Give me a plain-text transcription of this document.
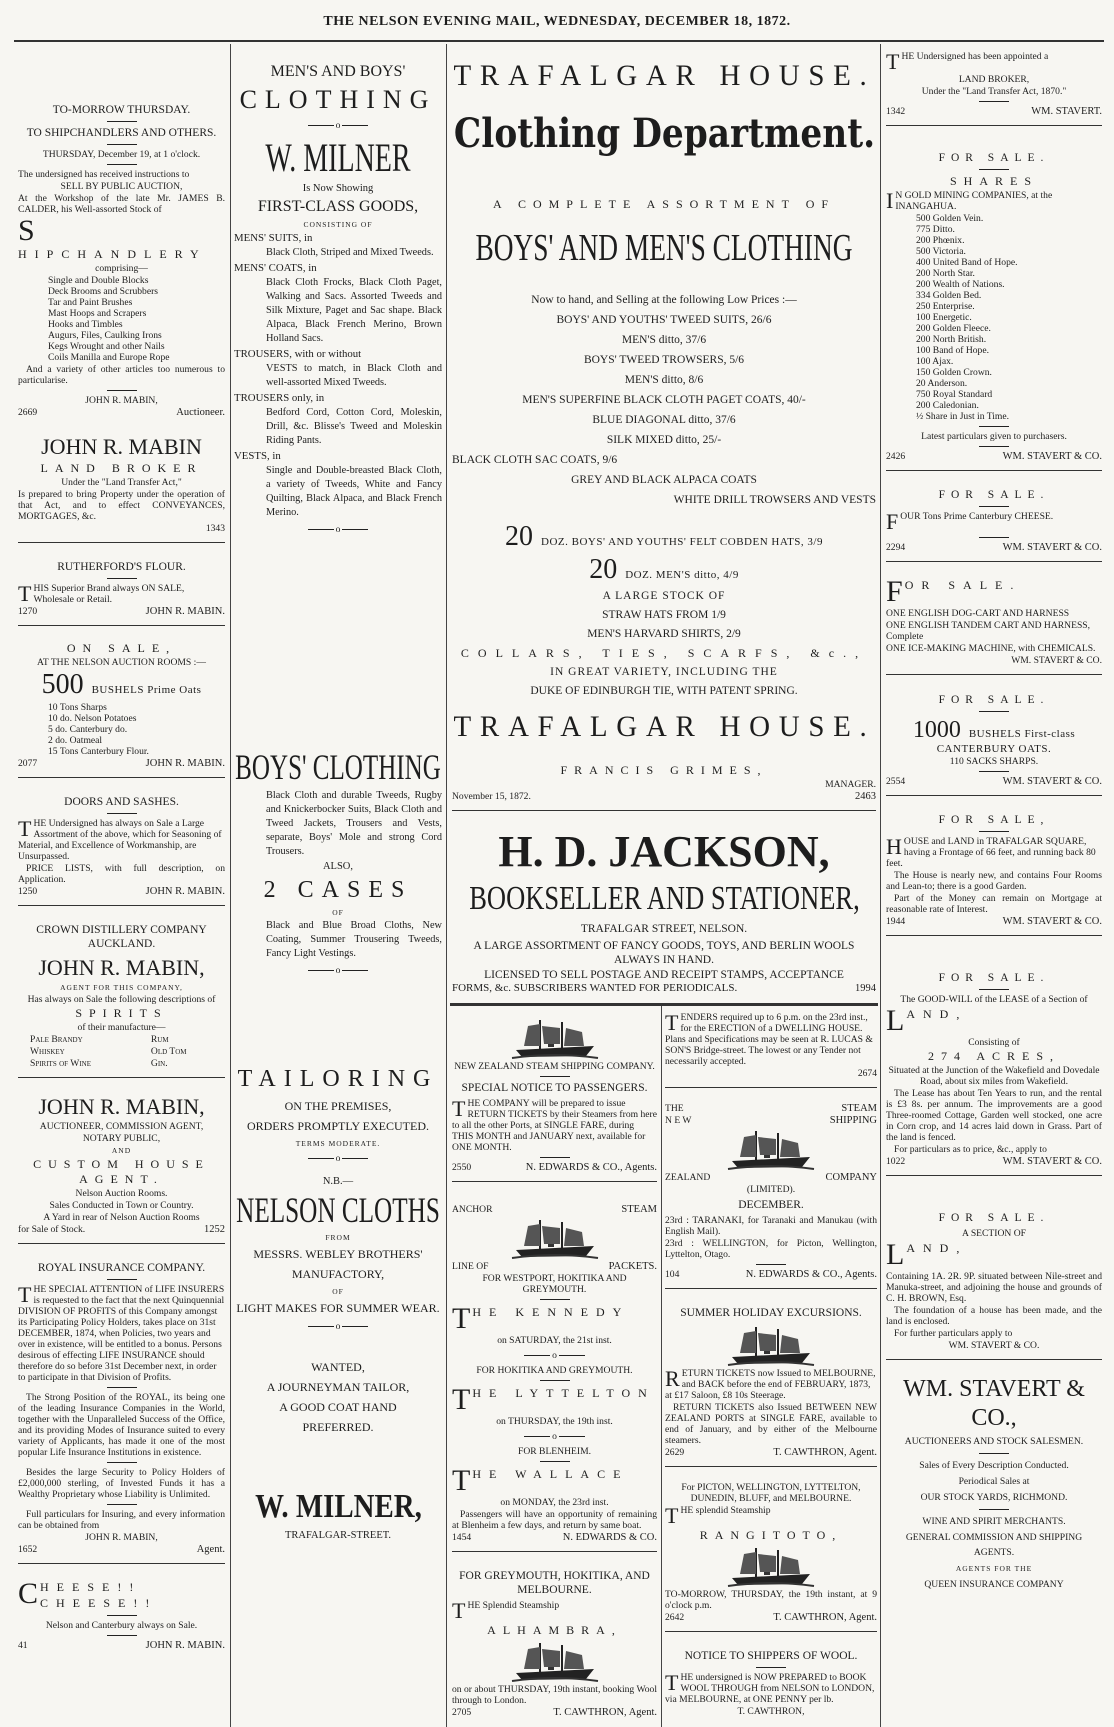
THE NELSON EVENING MAIL, WEDNESDAY, DECEMBER 18, 1872.
TO-MORROW THURSDAY.
TO SHIPCHANDLERS AND OTHERS.
THURSDAY, December 19, at 1 o'clock.
The undersigned has received instructions to
SELL BY PUBLIC AUCTION,
At the Workshop of the late Mr. JAMES B. CALDER, his Well-assorted Stock of
S
HIPCHANDLERY
comprising—
Single and Double Blocks
Deck Brooms and Scrubbers
Tar and Paint Brushes
Mast Hoops and Scrapers
Hooks and Timbles
Augurs, Files, Caulking Irons
Kegs Wrought and other Nails
Coils Manilla and Europe Rope
And a variety of other articles too numerous to particularise.
JOHN R. MABIN,
2669	Auctioneer.
JOHN R. MABIN
LAND BROKER
Under the "Land Transfer Act,"
Is prepared to bring Property under the operation of that Act, and to effect CONVEYANCES, MORTGAGES, &c.
1343
RUTHERFORD'S FLOUR.
THIS Superior Brand always ON SALE, Wholesale or Retail.
1270	JOHN R. MABIN.
ON SALE,
AT THE NELSON AUCTION ROOMS :—
500 BUSHELS Prime Oats
10 Tons Sharps
10 do. Nelson Potatoes
5 do. Canterbury do.
2 do. Oatmeal
15 Tons Canterbury Flour.
2077	JOHN R. MABIN.
DOORS AND SASHES.
THE Undersigned has always on Sale a Large Assortment of the above, which for Seasoning of Material, and Excellence of Workmanship, are Unsurpassed.
PRICE LISTS, with full description, on Application.
1250	JOHN R. MABIN.
CROWN DISTILLERY COMPANY AUCKLAND.
JOHN R. MABIN,
AGENT FOR THIS COMPANY,
Has always on Sale the following descriptions of
SPIRITS
of their manufacture—
Pale Brandy	Rum
Whiskey	Old Tom
Spirits of Wine	Gin.
JOHN R. MABIN,
AUCTIONEER, COMMISSION AGENT,
NOTARY PUBLIC,
AND
CUSTOM HOUSE AGENT.
Nelson Auction Rooms.
Sales Conducted in Town or Country.
A Yard in rear of Nelson Auction Rooms
for Sale of Stock.	1252
ROYAL INSURANCE COMPANY.
THE SPECIAL ATTENTION of LIFE INSURERS is requested to the fact that the next Quinquennial DIVISION OF PROFITS of this Company amongst its Participating Policy Holders, takes place on 31st DECEMBER, 1874, when Policies, two years and over in existence, will be entitled to a bonus. Persons desirous of effecting LIFE INSURANCE should therefore do so before 31st December next, in order to participate in that Division of Profits.
The Strong Position of the ROYAL, its being one of the leading Insurance Companies in the World, together with the Unparalleled Success of the Office, and its providing Modes of Insurance suited to every variety of Applicants, has made it one of the most popular Life Insurance Institutions in existence.
Besides the large Security to Policy Holders of £2,000,000 sterling, of Invested Funds it has a Wealthy Proprietary whose Liability is Unlimited.
Full particulars for Insuring, and every information can be obtained from
JOHN R. MABIN,
1652	Agent.
CHEESE!! CHEESE!!
Nelson and Canterbury always on Sale.
41	JOHN R. MABIN.
MEN'S AND BOYS'
CLOTHING
o
W. MILNER
Is Now Showing
FIRST-CLASS GOODS,
CONSISTING OF
MENS' SUITS, in
Black Cloth, Striped and Mixed Tweeds.
MENS' COATS, in
Black Cloth Frocks, Black Cloth Paget, Walking and Sacs. Assorted Tweeds and Silk Mixture, Paget and Sac shape. Black Alpaca, Black French Merino, Brown Holland Sacs.
TROUSERS, with or without
VESTS to match, in Black Cloth and well-assorted Mixed Tweeds.
TROUSERS only, in
Bedford Cord, Cotton Cord, Moleskin, Drill, &c. Blisse's Tweed and Moleskin Riding Pants.
VESTS, in
Single and Double-breasted Black Cloth, a variety of Tweeds, White and Fancy Quilting, Black Alpaca, and Black French Merino.
o
BOYS' CLOTHING
Black Cloth and durable Tweeds, Rugby and Knickerbocker Suits, Black Cloth and Tweed Jackets, Trousers and Vests, separate, Boys' Mole and strong Cord Trousers.
ALSO,
2 CASES
OF
Black and Blue Broad Cloths, New Coating, Summer Trousering Tweeds, Fancy Light Vestings.
o
TAILORING
ON THE PREMISES,
ORDERS PROMPTLY EXECUTED.
TERMS MODERATE.
o
N.B.—
NELSON CLOTHS
FROM
MESSRS. WEBLEY BROTHERS'
MANUFACTORY,
OF
LIGHT MAKES FOR SUMMER WEAR.
o
WANTED,
A JOURNEYMAN TAILOR,
A GOOD COAT HAND
PREFERRED.
W. MILNER,
TRAFALGAR-STREET.
TRAFALGAR HOUSE.
Clothing Department.
A COMPLETE ASSORTMENT OF
BOYS' AND MEN'S CLOTHING
Now to hand, and Selling at the following Low Prices :—
BOYS' AND YOUTHS' TWEED SUITS, 26/6
MEN'S ditto, 37/6
BOYS' TWEED TROWSERS, 5/6
MEN'S ditto, 8/6
MEN'S SUPERFINE BLACK CLOTH PAGET COATS, 40/-
BLUE DIAGONAL ditto, 37/6
SILK MIXED ditto, 25/-
BLACK CLOTH SAC COATS, 9/6
GREY AND BLACK ALPACA COATS
WHITE DRILL TROWSERS AND VESTS
20 DOZ. BOYS' AND YOUTHS' FELT COBDEN HATS, 3/9
20 DOZ. MEN'S ditto, 4/9
A LARGE STOCK OF
STRAW HATS FROM 1/9
MEN'S HARVARD SHIRTS, 2/9
COLLARS, TIES, SCARFS, &c.,
IN GREAT VARIETY, INCLUDING THE
DUKE OF EDINBURGH TIE, WITH PATENT SPRING.
TRAFALGAR HOUSE.
FRANCIS GRIMES,
MANAGER.
November 15, 1872.	2463
H. D. JACKSON,
BOOKSELLER AND STATIONER,
TRAFALGAR STREET, NELSON.
A LARGE ASSORTMENT OF FANCY GOODS, TOYS, AND BERLIN WOOLS ALWAYS IN HAND.
LICENSED TO SELL POSTAGE AND RECEIPT STAMPS, ACCEPTANCE
FORMS, &c. SUBSCRIBERS WANTED FOR PERIODICALS.	1994
NEW ZEALAND STEAM SHIPPING COMPANY.
SPECIAL NOTICE TO PASSENGERS.
THE COMPANY will be prepared to issue RETURN TICKETS by their Steamers from here to all the other Ports, at SINGLE FARE, during THIS MONTH and JANUARY next, available for ONE MONTH.
2550	N. EDWARDS & CO., Agents.
ANCHOR	STEAM
LINE OF	PACKETS.
FOR WESTPORT, HOKITIKA AND GREYMOUTH.
THE KENNEDY
on SATURDAY, the 21st inst.
o
FOR HOKITIKA AND GREYMOUTH.
THE LYTTELTON
on THURSDAY, the 19th inst.
o
FOR BLENHEIM.
THE WALLACE
on MONDAY, the 23rd inst.
Passengers will have an opportunity of remaining at Blenheim a few days, and return by same boat.
1454	N. EDWARDS & CO.
FOR GREYMOUTH, HOKITIKA, AND MELBOURNE.
THE Splendid Steamship
ALHAMBRA,
on or about THURSDAY, 19th instant, booking Wool through to London.
2705	T. CAWTHRON, Agent.
TENDERS required up to 6 p.m. on the 23rd inst., for the ERECTION of a DWELLING HOUSE. Plans and Specifications may be seen at R. LUCAS & SON'S Bridge-street. The lowest or any Tender not necessarily accepted.
2674
THE	STEAM
N E W	SHIPPING
ZEALAND	COMPANY
(LIMITED).
DECEMBER.
23rd : TARANAKI, for Taranaki and Manukau (with English Mail).
23rd : WELLINGTON, for Picton, Wellington, Lyttelton, Otago.
104	N. EDWARDS & CO., Agents.
SUMMER HOLIDAY EXCURSIONS.
RETURN TICKETS now Issued to MELBOURNE, and BACK before the end of FEBRUARY, 1873, at £17 Saloon, £8 10s Steerage.
RETURN TICKETS also Issued BETWEEN NEW ZEALAND PORTS at SINGLE FARE, available to end of January, and by either of the Melbourne steamers.
2629	T. CAWTHRON, Agent.
For PICTON, WELLINGTON, LYTTELTON, DUNEDIN, BLUFF, and MELBOURNE.
THE splendid Steamship
RANGITOTO,
TO-MORROW, THURSDAY, the 19th instant, at 9 o'clock p.m.
2642	T. CAWTHRON, Agent.
NOTICE TO SHIPPERS OF WOOL.
THE undersigned is NOW PREPARED to BOOK WOOL THROUGH from NELSON to LONDON, via MELBOURNE, at ONE PENNY per lb.
T. CAWTHRON,
THE Undersigned has been appointed a
LAND BROKER,
Under the "Land Transfer Act, 1870."
1342	WM. STAVERT.
FOR SALE.
SHARES
I N GOLD MINING COMPANIES, at the INANGAHUA.
500 Golden Vein.
775 Ditto.
200 Phœnix.
500 Victoria.
400 United Band of Hope.
200 North Star.
200 Wealth of Nations.
334 Golden Bed.
250 Enterprise.
100 Energetic.
200 Golden Fleece.
200 North British.
100 Band of Hope.
100 Ajax.
150 Golden Crown.
20 Anderson.
750 Royal Standard
200 Caledonian.
½ Share in Just in Time.
Latest particulars given to purchasers.
2426	WM. STAVERT & CO.
FOR SALE.
FOUR Tons Prime Canterbury CHEESE.
2294	WM. STAVERT & CO.
FOR SALE.
ONE ENGLISH DOG-CART AND HARNESS
ONE ENGLISH TANDEM CART AND HARNESS, Complete
ONE ICE-MAKING MACHINE, with CHEMICALS.
WM. STAVERT & CO.
FOR SALE.
1000 BUSHELS First-class CANTERBURY OATS.
110 SACKS SHARPS.
2554	WM. STAVERT & CO.
FOR SALE,
HOUSE and LAND in TRAFALGAR SQUARE, having a Frontage of 66 feet, and running back 80 feet.
The House is nearly new, and contains Four Rooms and Lean-to; there is a good Garden.
Part of the Money can remain on Mortgage at reasonable rate of Interest.
1944	WM. STAVERT & CO.
FOR SALE.
The GOOD-WILL of the LEASE of a Section of
LAND,
Consisting of
274 ACRES,
Situated at the Junction of the Wakefield and Dovedale Road, about six miles from Wakefield.
The Lease has about Ten Years to run, and the rental is £3 8s. per annum. The improvements are a good Three-roomed Cottage, Garden well stocked, one acre in Corn crop, and 14 acres laid down in Grass. Part of the land is fenced.
For particulars as to price, &c., apply to
1022	WM. STAVERT & CO.
FOR SALE.
A SECTION OF
LAND,
Containing 1A. 2R. 9P. situated between Nile-street and Manuka-street, and adjoining the house and grounds of C. H. BROWN, Esq.
The foundation of a house has been made, and the land is enclosed.
For further particulars apply to
WM. STAVERT & CO.
WM. STAVERT & CO.,
AUCTIONEERS AND STOCK SALESMEN.
Sales of Every Description Conducted.
Periodical Sales at
OUR STOCK YARDS, RICHMOND.
WINE AND SPIRIT MERCHANTS.
GENERAL COMMISSION AND SHIPPING AGENTS.
AGENTS FOR THE
QUEEN INSURANCE COMPANY
